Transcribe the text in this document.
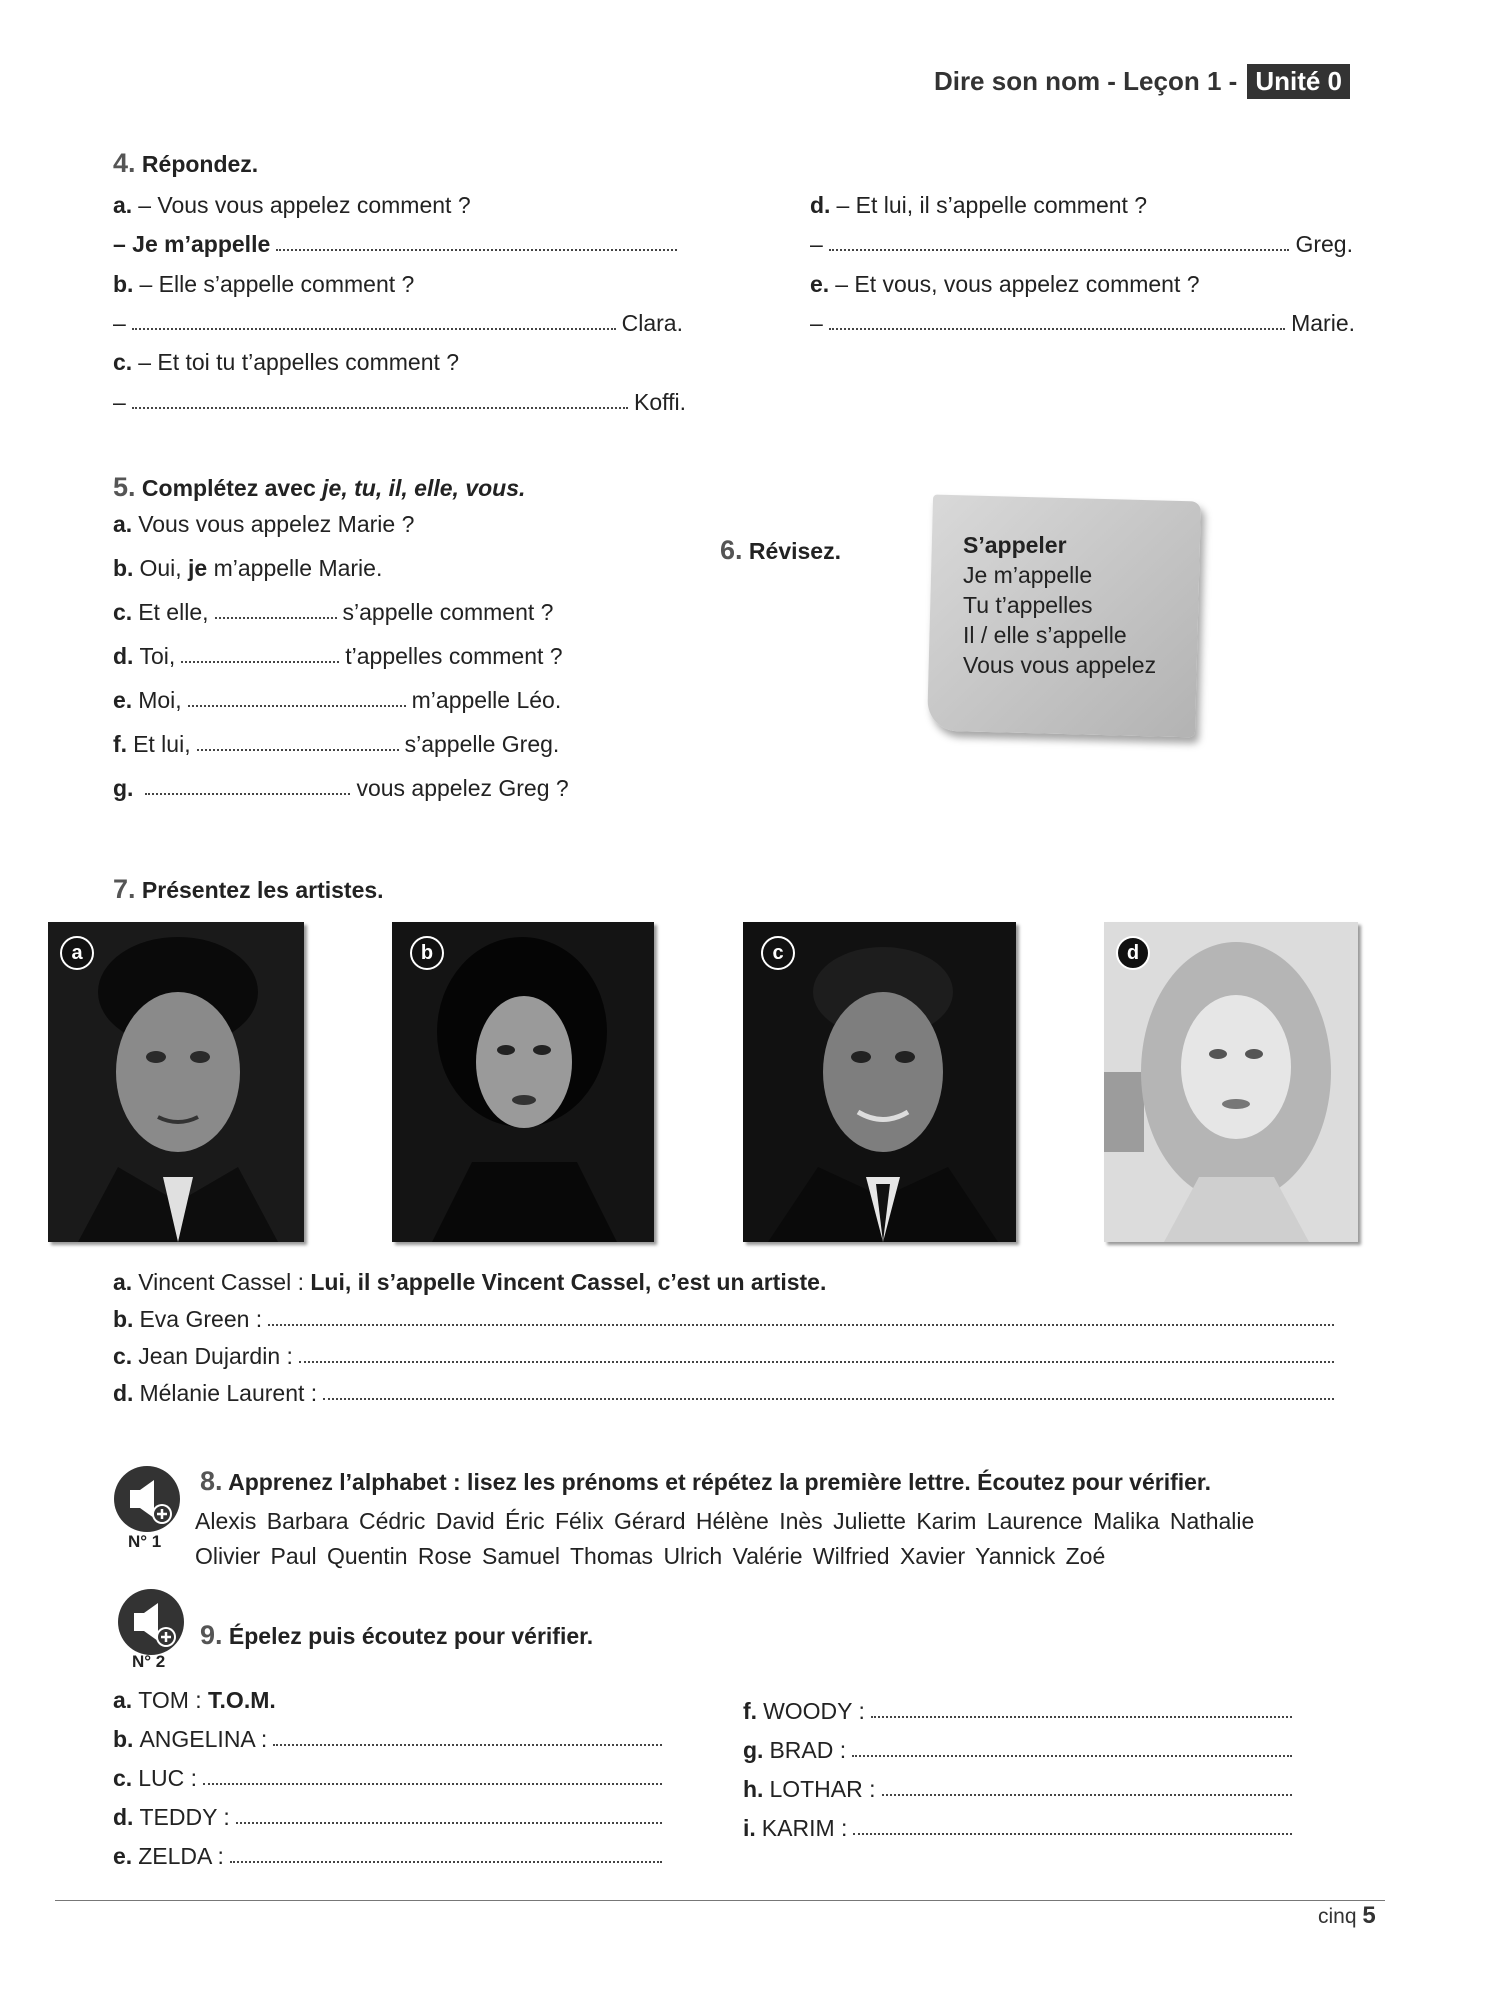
Dire son nom - Leçon 1 - Unité 0
4. Répondez.
a. – Vous vous appelez comment ?
– Je m’appelle
b. – Elle s’appelle comment ?
–	Clara.
c. – Et toi tu t’appelles comment ?
–	Koffi.
d. – Et lui, il s’appelle comment ?
–	Greg.
e. – Et vous, vous appelez comment ?
–	Marie.
5. Complétez avec je, tu, il, elle, vous.
a. Vous vous appelez Marie ?
b. Oui,
je
m’appelle Marie.
c. Et elle,	s’appelle comment ?
d. Toi,	t’appelles comment ?
e. Moi,	m’appelle Léo.
f. Et lui,	s’appelle Greg.
g.	vous appelez Greg ?
6. Révisez.	S’appeler
Je m’appelle
Tu t’appelles
Il / elle s’appelle
Vous vous appelez
7. Présentez les artistes.
a	b	c	d
a. Vincent Cassel :
Lui, il s’appelle Vincent Cassel, c’est un artiste.
b. Eva Green :
c. Jean Dujardin :
d. Mélanie Laurent :
N° 1
8. Apprenez l’alphabet : lisez les prénoms et répétez la première lettre. Écoutez pour vérifier.
Alexis Barbara Cédric David Éric Félix Gérard Hélène Inès Juliette Karim Laurence Malika Nathalie
Olivier Paul Quentin Rose Samuel Thomas Ulrich Valérie Wilfried Xavier Yannick Zoé
N° 2
9. Épelez puis écoutez pour vérifier.
a. TOM :
T.O.M.
b. ANGELINA :
c. LUC :
d. TEDDY :
e. ZELDA :
f. WOODY :
g. BRAD :
h. LOTHAR :
i. KARIM :
cinq 5
